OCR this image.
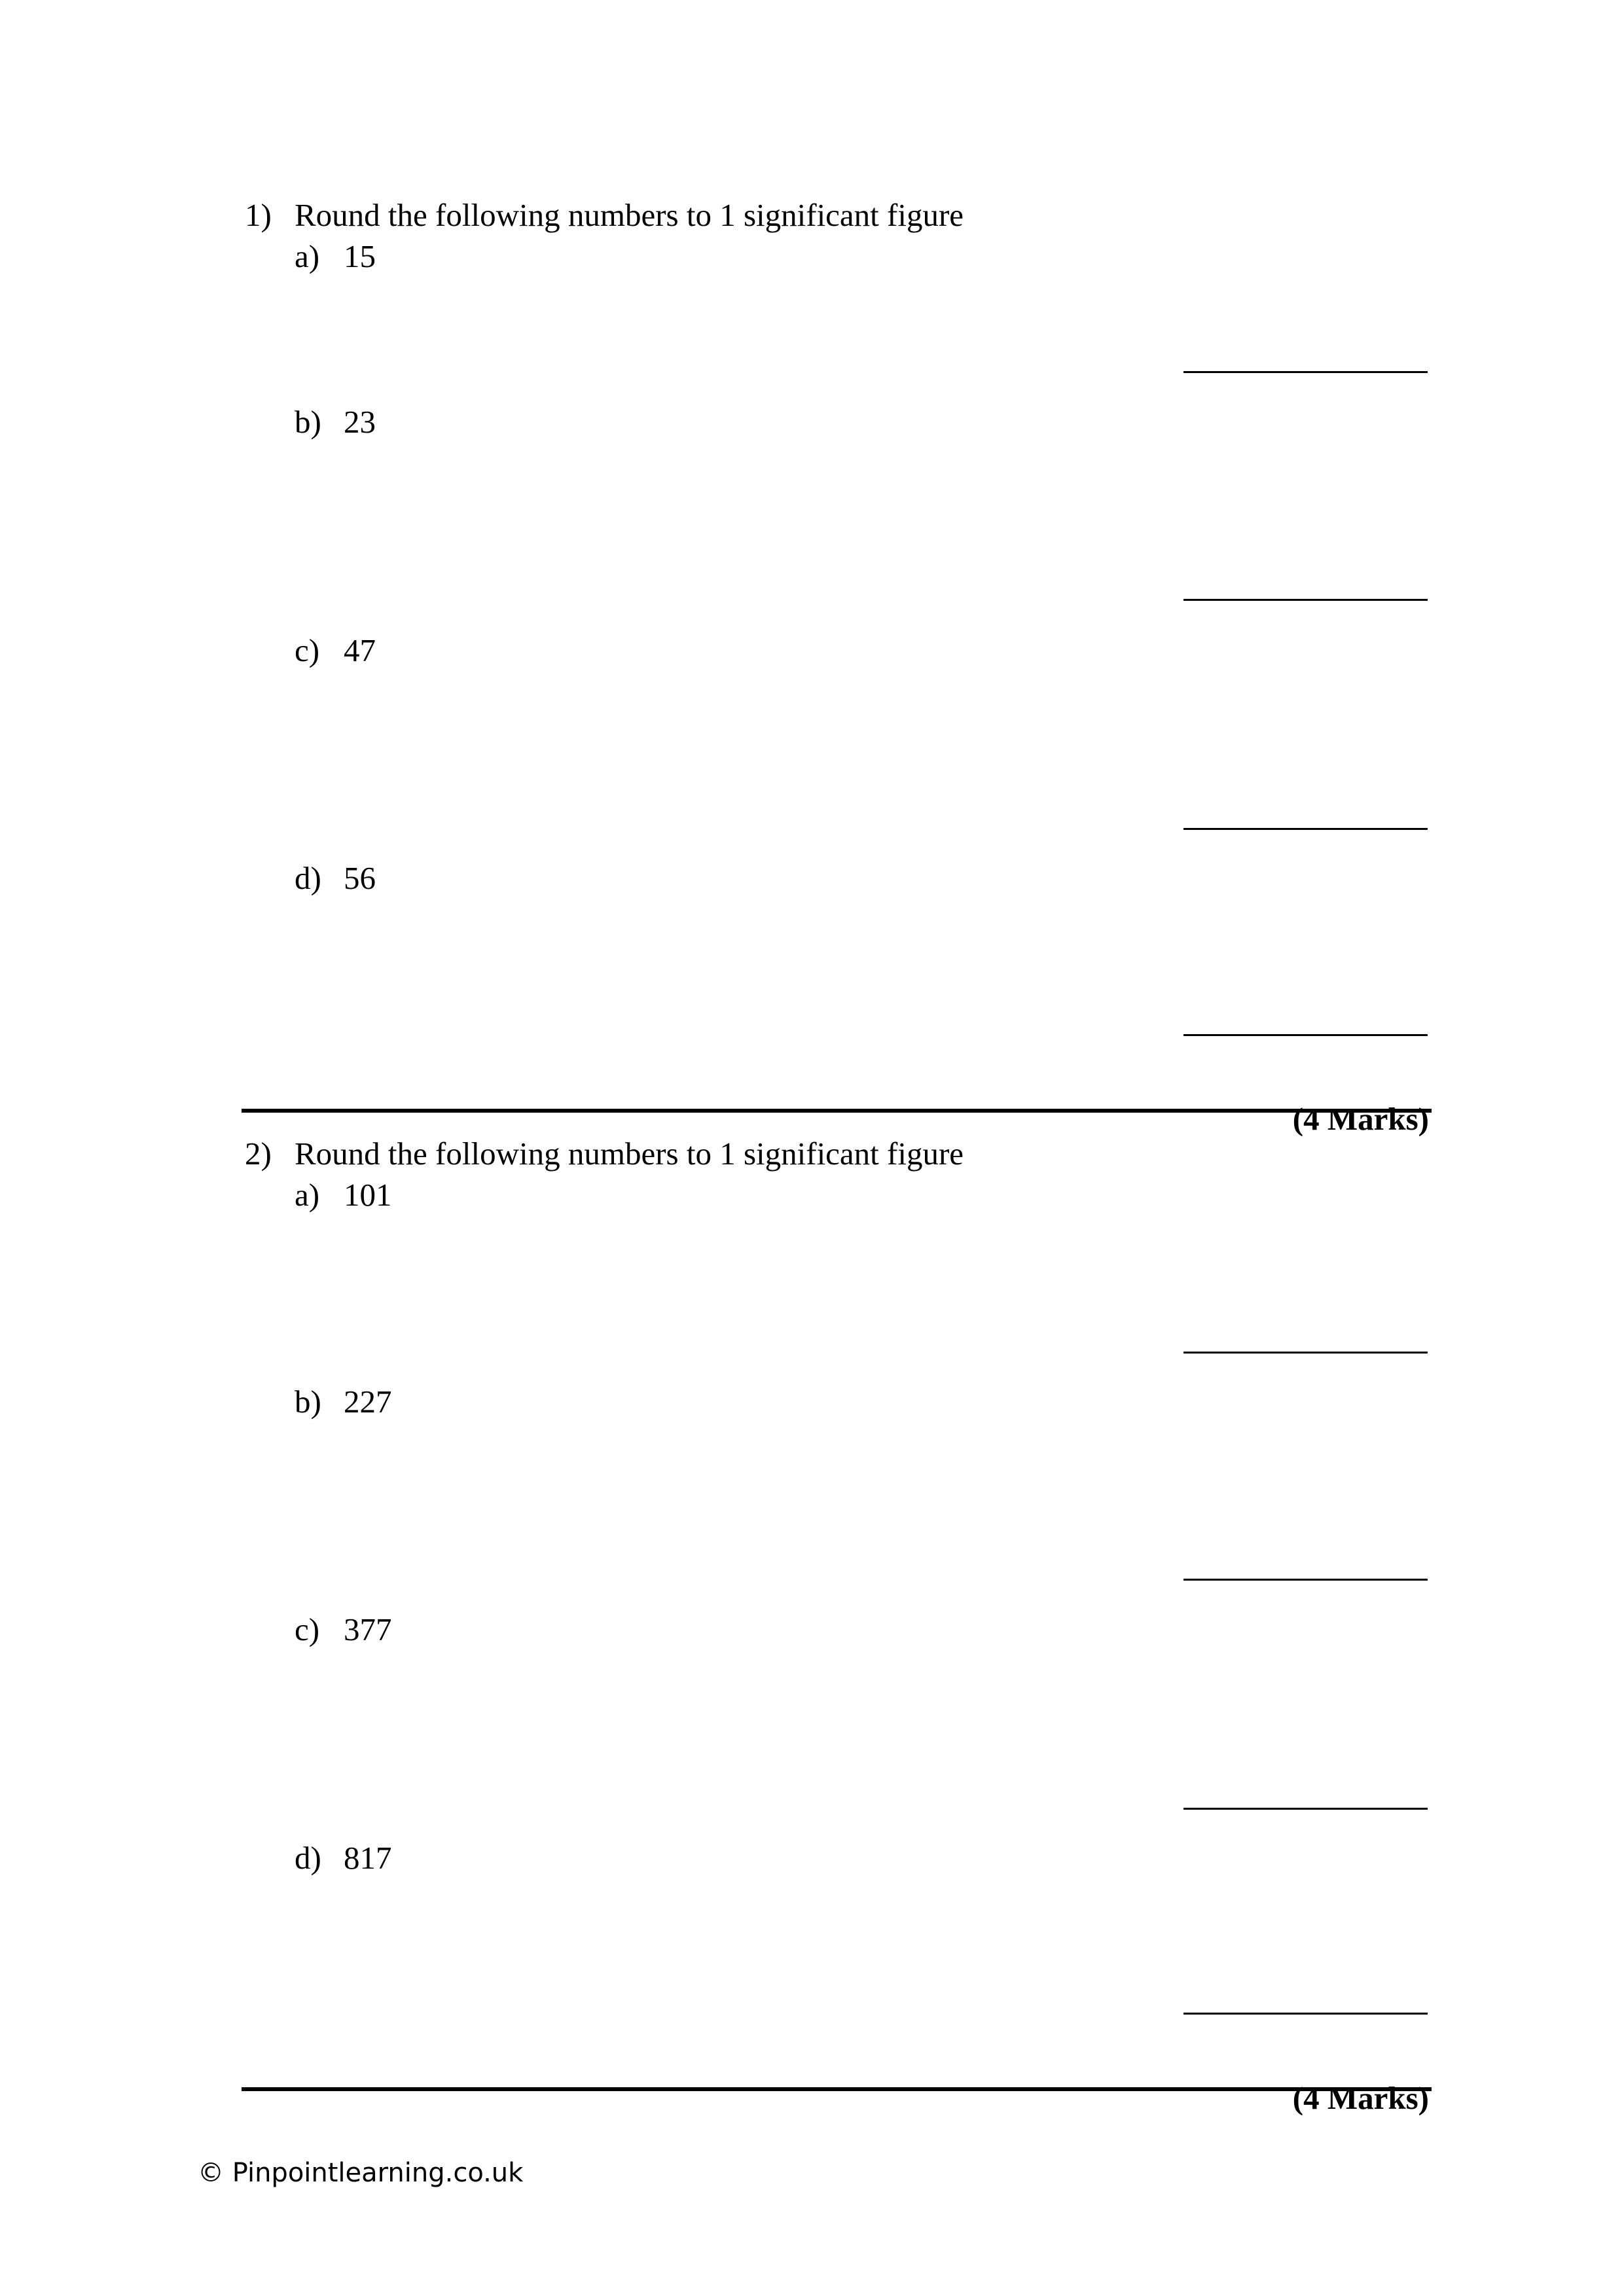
1) Round the following numbers to 1 significant figure

a) 15

b) 23

c) 47

d) 56

(4 Marks)

2) Round the following numbers to 1 significant figure

a) 101

b) 227

c) 377

d) 817

(4 Marks)

© Pinpointlearning.co.uk
